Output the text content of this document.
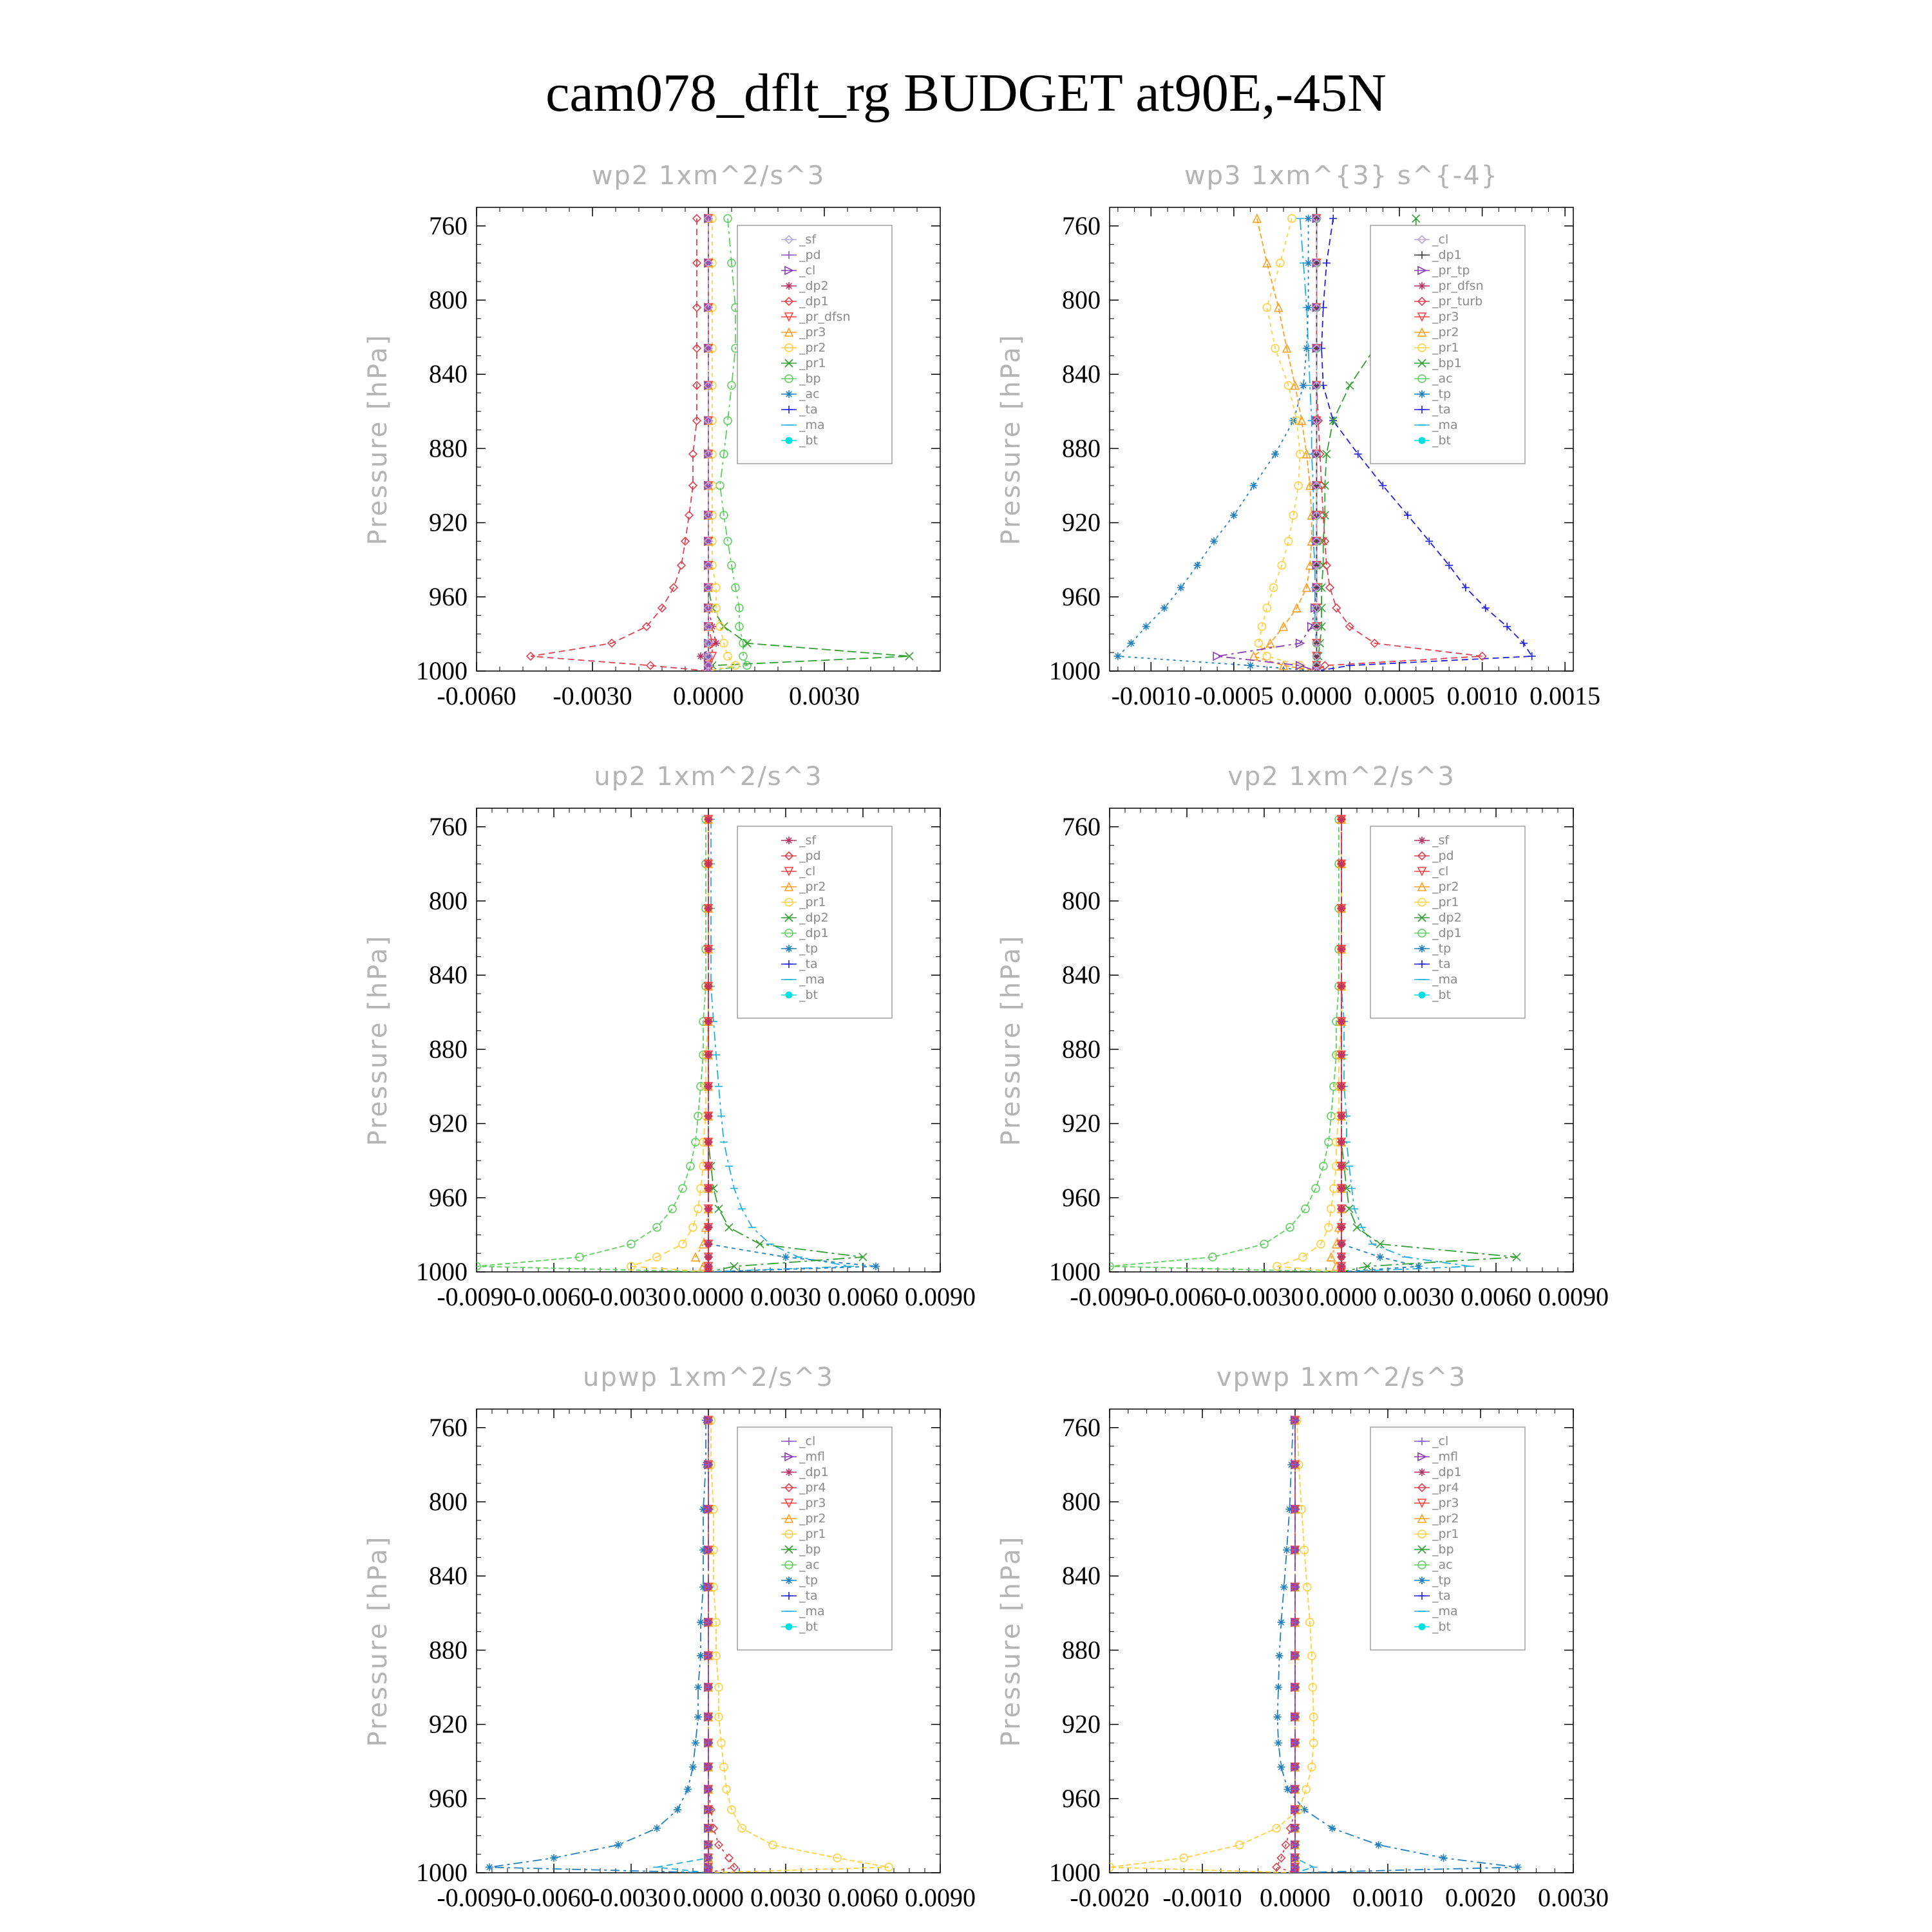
cam078_dflt_rg BUDGET at90E,-45N
wp2 1xm^2/s^3
Pressure [hPa]
760
800
840
880
920
960
1000
-0.0060 -0.0030 0.0000 0.0030
_sf
_pd
_cl
_dp2
_dp1
_pr_dfsn
_pr3
_pr2
_pr1
_bp
_ac
_ta
_ma
_bt
wp3 1xm^{3} s^{-4}
Pressure [hPa]
760
800
840
880
920
960
1000
-0.0010 -0.0005 0.0000 0.0005 0.0010 0.0015
_cl
_dp1
_pr_tp
_pr_dfsn
_pr_turb
_pr3
_pr2
_pr1
_bp1
_ac
_tp
_ta
_ma
_bt
up2 1xm^2/s^3
Pressure [hPa]
760
800
840
880
920
960
1000
-0.0090
-0.0060
-0.0030 0.0000 0.0030 0.0060 0.0090
_sf
_pd
_cl
_pr2
_pr1
_dp2
_dp1
_tp
_ta
_ma
_bt
vp2 1xm^2/s^3
Pressure [hPa]
760
800
840
880
920
960
1000
-0.0090
-0.0060
-0.0030 0.0000 0.0030 0.0060 0.0090
_sf
_pd
_cl
_pr2
_pr1
_dp2
_dp1
_tp
_ta
_ma
_bt
upwp 1xm^2/s^3
Pressure [hPa]
760
800
840
880
920
960
1000
-0.0090
-0.0060
-0.0030 0.0000 0.0030 0.0060 0.0090
_cl
_mfl
_dp1
_pr4
_pr3
_pr2
_pr1
_bp
_ac
_tp
_ta
_ma
_bt
vpwp 1xm^2/s^3
Pressure [hPa]
760
800
840
880
920
960
1000
-0.0020 -0.0010 0.0000 0.0010 0.0020 0.0030
_cl
_mfl
_dp1
_pr4
_pr3
_pr2
_pr1
_bp
_ac
_tp
_ta
_ma
_bt
